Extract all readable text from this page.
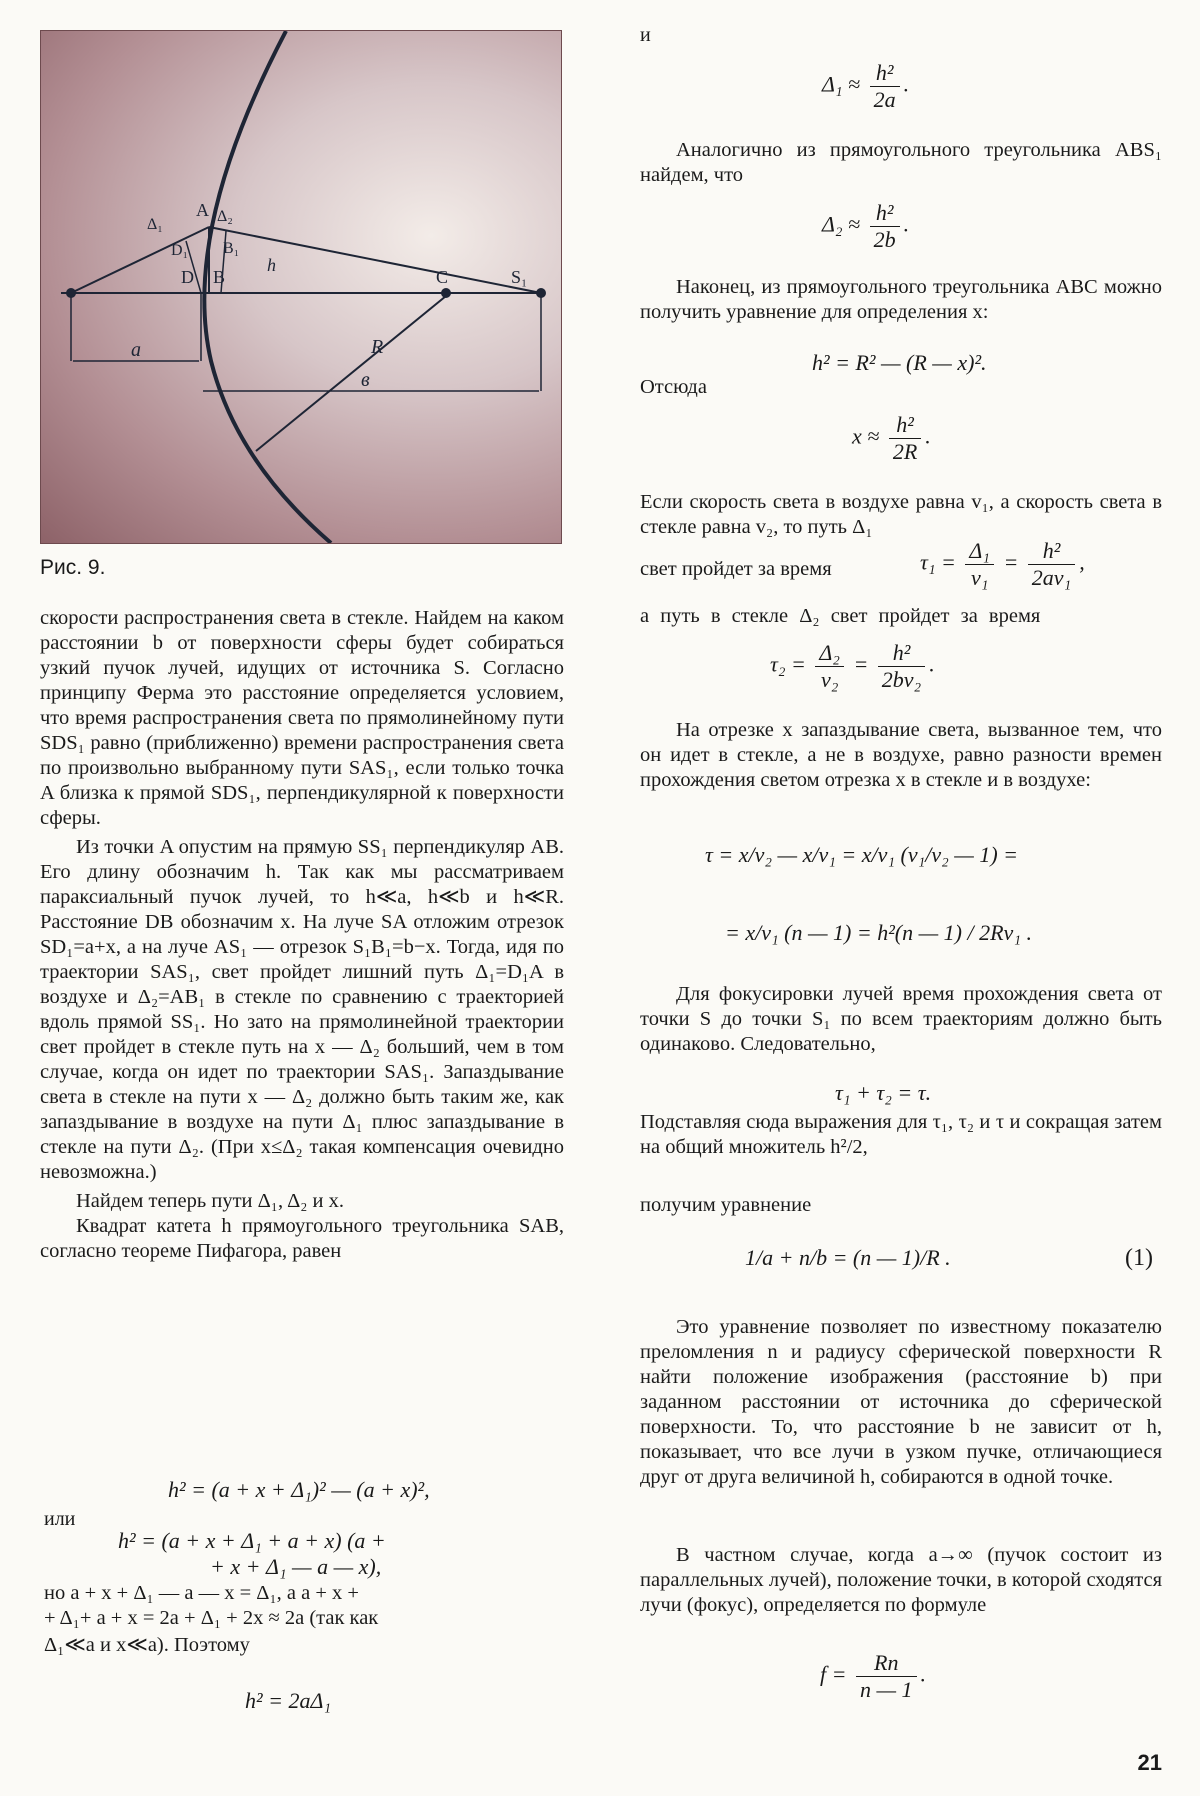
a
в
A
B
B₁
D
D₁
Δ₁	Δ₂
h
C	S₁
R
Рис. 9.

скорости распространения света в стекле. Найдем на каком расстоянии b от поверхности сферы будет собираться узкий пучок лучей, идущих от источника S. Согласно принципу Ферма это расстояние определяется условием, что время распространения света по прямолинейному пути SDS₁ равно (приближенно) времени распространения света по произвольно выбранному пути SAS₁, если только точка A близка к прямой SDS₁, перпендикулярной к поверхности сферы.

Из точки A опустим на прямую SS₁ перпендикуляр AB. Его длину обозначим h. Так как мы рассматриваем параксиальный пучок лучей, то h≪a, h≪b и h≪R. Расстояние DB обозначим x. На луче SA отложим отрезок SD₁=a+x, а на луче AS₁ — отрезок S₁B₁=b−x. Тогда, идя по траектории SAS₁, свет пройдет лишний путь Δ₁=D₁A в воздухе и Δ₂=AB₁ в стекле по сравнению с траекторией вдоль прямой SS₁. Но зато на прямолинейной траектории свет пройдет в стекле путь на x — Δ₂ больший, чем в том случае, когда он идет по траектории SAS₁. Запаздывание света в стекле на пути x — Δ₂ должно быть таким же, как запаздывание в воздухе на пути Δ₁ плюс запаздывание в стекле на пути Δ₂. (При x≤Δ₂ такая компенсация очевидно невозможна.)

Найдем теперь пути Δ₁, Δ₂ и x.

Квадрат катета h прямоугольного треугольника SAB, согласно теореме Пифагора, равен

h² = (a + x + Δ₁)² — (a + x)²,
или
h² = (a + x + Δ₁ + a + x) (a +
+ x + Δ₁ — a — x),
но a + x + Δ₁ — a — x = Δ₁, а a + x +
+ Δ₁+ a + x = 2a + Δ₁ + 2x ≈ 2a (так как
Δ₁≪a и x≪a). Поэтому
h² = 2aΔ₁
и
$\Delta_1 \approx \frac{\text{h²}}{2a}$ .

Аналогично из прямоугольного треугольника ABS₁ найдем, что

$\Delta_2 \approx \frac{\text{h²}}{2b}$ .

Наконец, из прямоугольного треугольника ABC можно получить уравнение для определения x:

h² = R² — (R — x)².
Отсюда
$x \approx \frac{\text{h²}}{2R}$ .

Если скорость света в воздухе равна v₁, а скорость света в стекле равна v₂, то путь Δ₁

свет пройдет за время	$\tau_1 = \frac{\text{Δ₁}}{\text{v₁}} = \frac{\text{h²}}{\text{2av₁}}$ ,
а путь в стекле Δ₂ свет пройдет за время
$\tau_2 = \frac{\text{Δ₂}}{\text{v₂}} = \frac{\text{h²}}{\text{2bv₂}}$ .

На отрезке x запаздывание света, вызванное тем, что он идет в стекле, а не в воздухе, равно разности времен прохождения светом отрезка x в стекле и в воздухе:

τ = x/v₂ — x/v₁ = x/v₁ (v₁/v₂ — 1) =
= x/v₁ (n — 1) = h²(n — 1) / 2Rv₁ .

Для фокусировки лучей время прохождения света от точки S до точки S₁ по всем траекториям должно быть одинаково. Следовательно,

τ₁ + τ₂ = τ.

Подставляя сюда выражения для τ₁, τ₂ и τ и сокращая затем на общий множитель h²/2,

получим уравнение
1/a + n/b = (n — 1)/R .	(1)

Это уравнение позволяет по известному показателю преломления n и радиусу сферической поверхности R найти положение изображения (расстояние b) при заданном расстоянии от источника до сферической поверхности. То, что расстояние b не зависит от h, показывает, что все лучи в узком пучке, отличающиеся друг от друга величиной h, собираются в одной точке.

В частном случае, когда a→∞ (пучок состоит из параллельных лучей), положение точки, в которой сходятся лучи (фокус), определяется по формуле

$f = \frac{Rn}{n — 1}$ .
21
